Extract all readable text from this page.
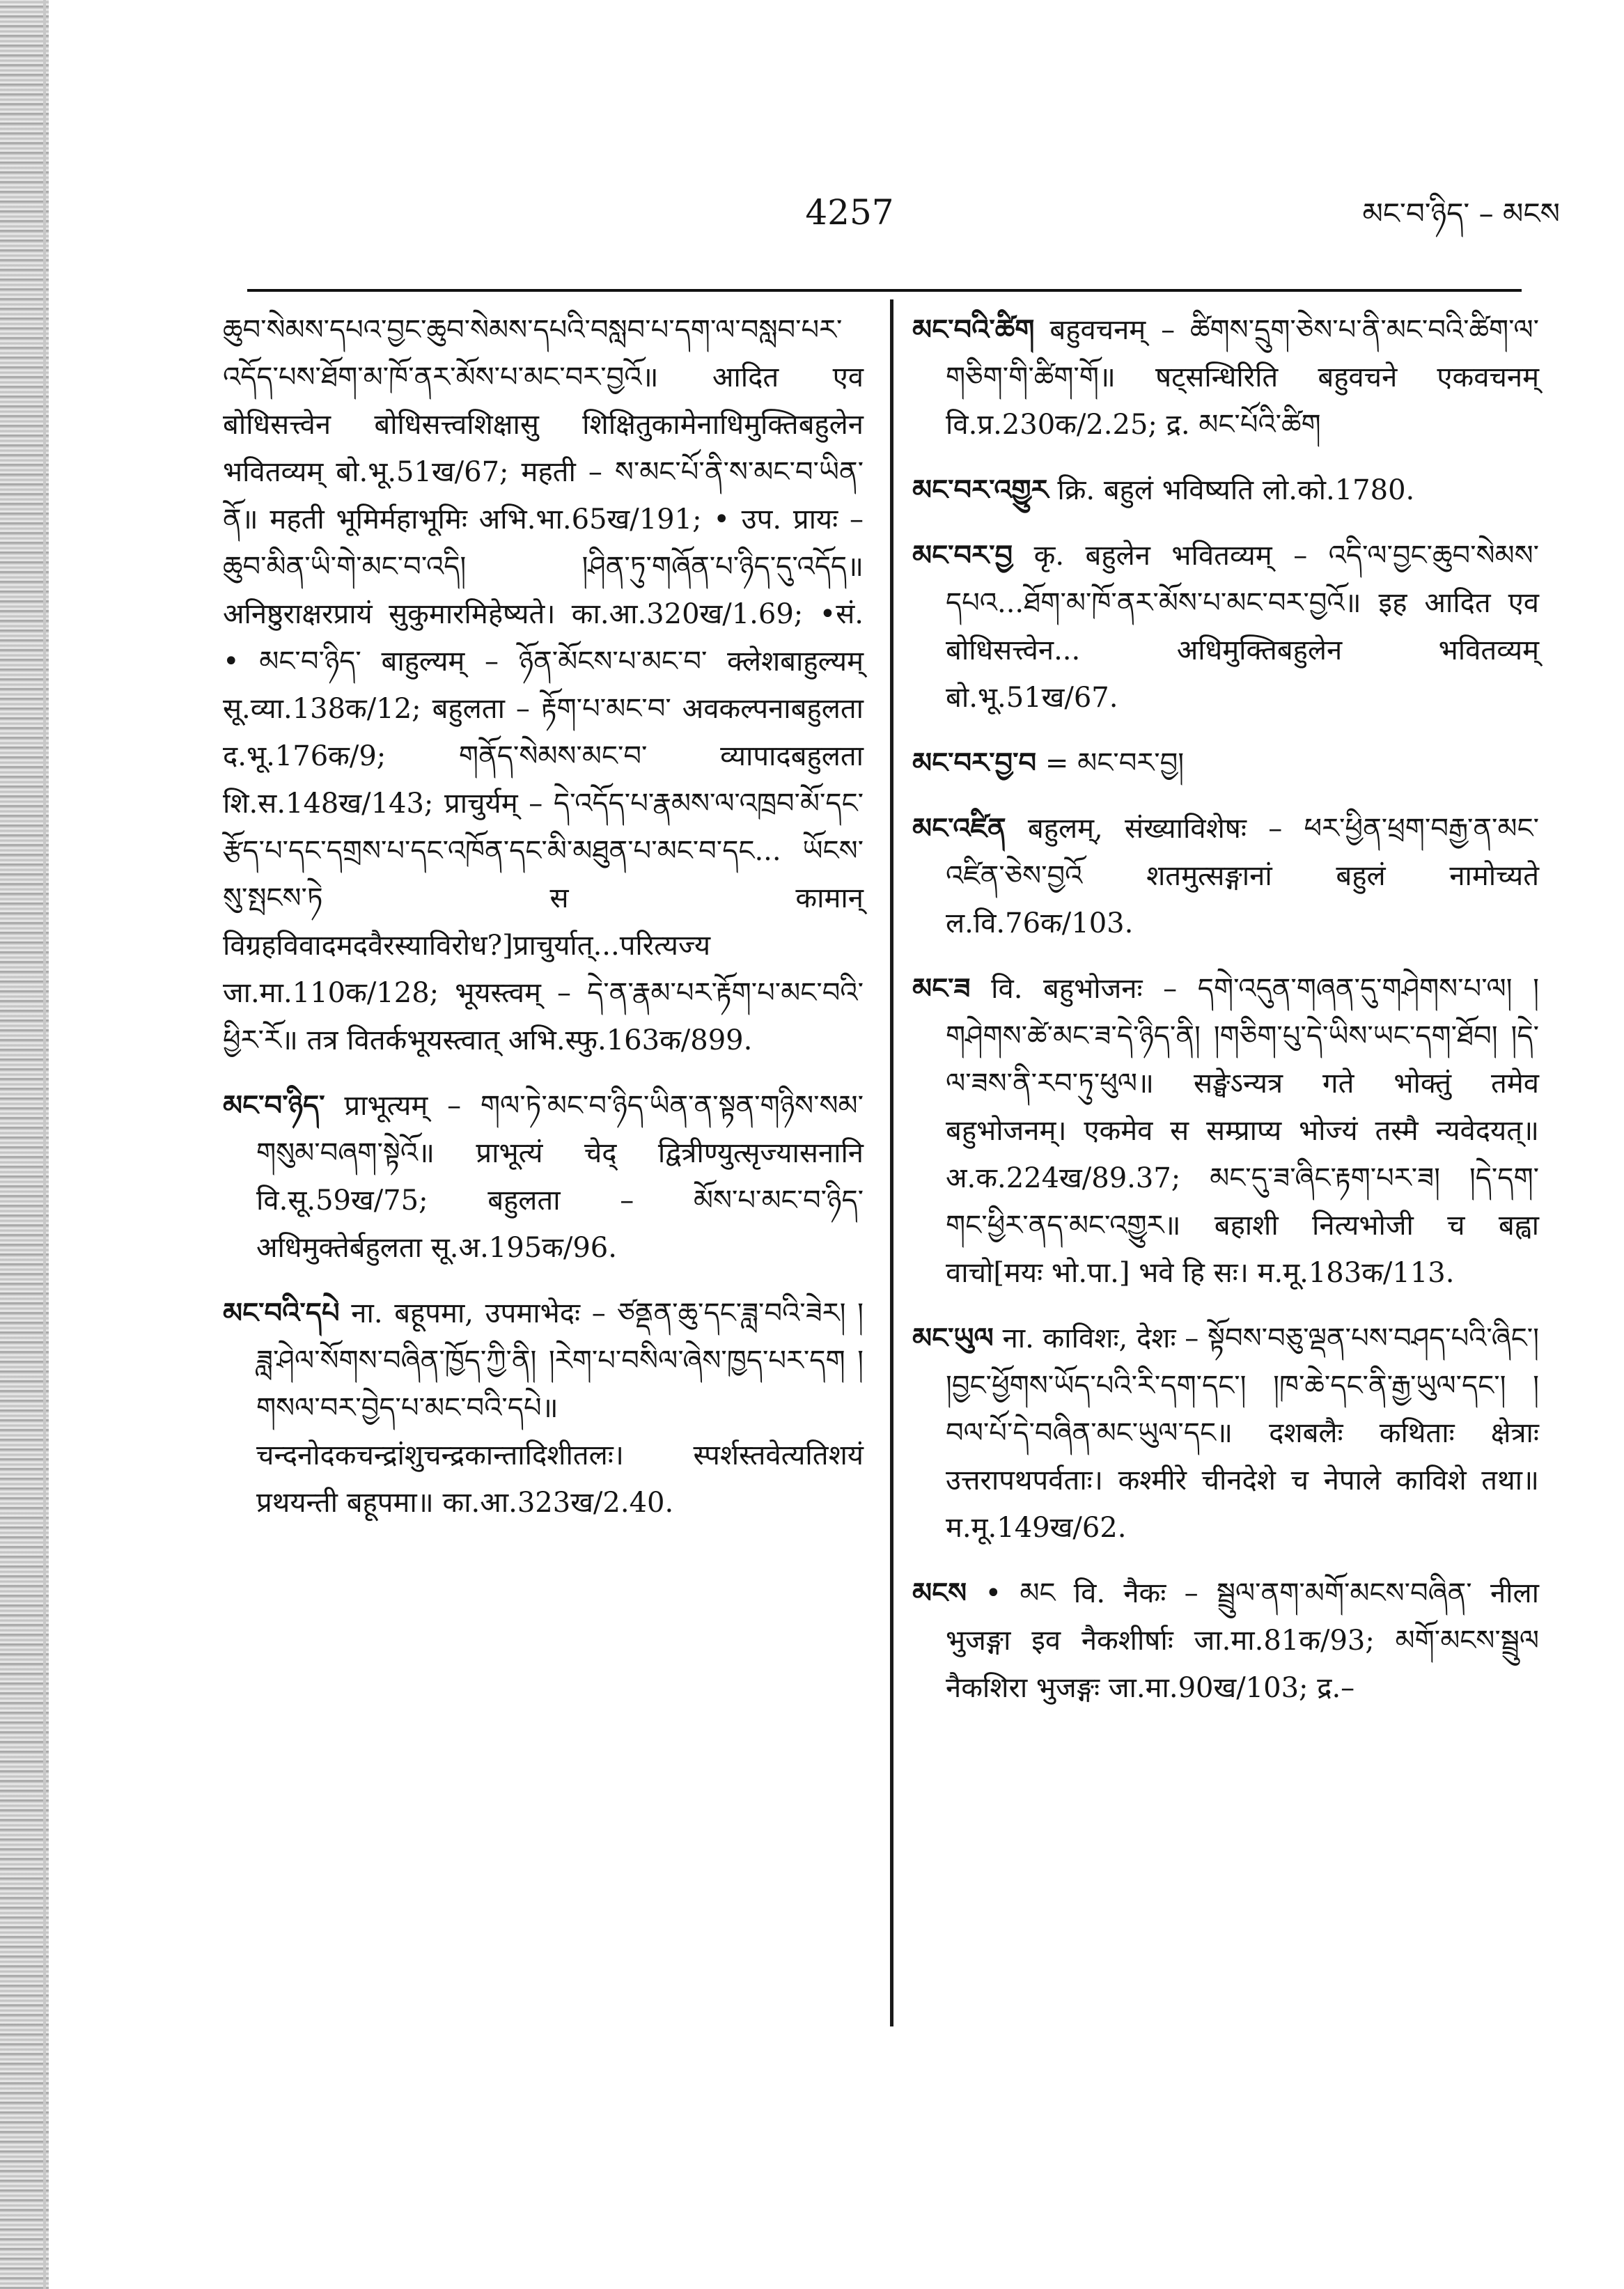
4257	མང་བ་ཉིད་ – མངས

ཆུབ་སེམས་དཔའ་བྱང་ཆུབ་སེམས་དཔའི་བསླབ་པ་དག་ལ་བསླབ་པར་འདོད་པས་ཐོག་མ་ཁོ་ནར་མོས་པ་མང་བར་བྱའོ॥ आदित एव बोधिसत्त्वेन बोधिसत्त्वशिक्षासु शिक्षितुकामेनाधिमुक्तिबहुलेन भवितव्यम् बो.भू.51ख/67; महती – ས་མང་པོ་ནི་ས་མང་བ་ཡིན་ནོ॥ महती भूमिर्महाभूमिः अभि.भा.65ख/191; • उप. प्रायः – ཆུབ་མིན་ཡི་གེ་མང་བ་འདི། །ཤིན་ཏུ་གཞོན་པ་ཉིད་དུ་འདོད॥ अनिष्ठुराक्षरप्रायं सुकुमारमिहेष्यते। का.आ.320ख/1.69; •सं. • མང་བ་ཉིད་ बाहुल्यम् – ཉོན་མོངས་པ་མང་བ་ क्लेशबाहुल्यम् सू.व्या.138क/12; बहुलता – རྟོག་པ་མང་བ་ अवकल्पनाबहुलता द.भू.176क/9; གནོད་སེམས་མང་བ་ व्यापादबहुलता शि.स.148ख/143; प्राचुर्यम् – དེ་འདོད་པ་རྣམས་ལ་འཁྲབ་མོ་དང་རྩོད་པ་དང་དགྲས་པ་དང་འཁོན་དང་མི་མཐུན་པ་མང་བ་དང... ཡོངས་སུ་སྤངས་ཏེ स कामान् विग्रहविवादमदवैरस्याविरोध?]प्राचुर्यात्...परित्यज्य जा.मा.110क/128; भूयस्त्वम् – དེ་ན་རྣམ་པར་རྟོག་པ་མང་བའི་ཕྱིར་རོ॥ तत्र वितर्कभूयस्त्वात् अभि.स्फु.163क/899.

མང་བ་ཉིད་ प्राभूत्यम् – གལ་ཏེ་མང་བ་ཉིད་ཡིན་ན་སྟན་གཉིས་སམ་གསུམ་བཞག་སྟེའོ॥ प्राभूत्यं चेद् द्वित्रीण्युत्सृज्यासनानि वि.सू.59ख/75; बहुलता – མོས་པ་མང་བ་ཉིད་ अधिमुक्तेर्बहुलता सू.अ.195क/96.

མང་བའི་དཔེ ना. बहूपमा, उपमाभेदः – ཙནྡན་ཆུ་དང་ཟླ་བའི་ཟེར། །ཟླ་ཤེལ་སོགས་བཞིན་ཁྱོད་ཀྱི་ནི། །རེག་པ་བསིལ་ཞེས་ཁྱད་པར་དག །གསལ་བར་བྱེད་པ་མང་བའི་དཔེ॥ चन्दनोदकचन्द्रांशुचन्द्रकान्तादिशीतलः। स्पर्शस्तवेत्यतिशयं प्रथयन्ती बहूपमा॥ का.आ.323ख/2.40.

མང་བའི་ཚིག बहुवचनम् – ཚིགས་དྲུག་ཅེས་པ་ནི་མང་བའི་ཚིག་ལ་གཅིག་གི་ཚིག་གོ॥ षट्सन्धिरिति बहुवचने एकवचनम् वि.प्र.230क/2.25; द्र. མང་པོའི་ཚིག

མང་བར་འགྱུར क्रि. बहुलं भविष्यति लो.को.1780.

མང་བར་བྱ कृ. बहुलेन भवितव्यम् – འདི་ལ་བྱང་ཆུབ་སེམས་དཔའ...ཐོག་མ་ཁོ་ནར་མོས་པ་མང་བར་བྱའོ॥ इह आदित एव बोधिसत्त्वेन... अधिमुक्तिबहुलेन भवितव्यम् बो.भू.51ख/67.

མང་བར་བྱ་བ = མང་བར་བྱ།

མང་འཛིན बहुलम्, संख्याविशेषः – ཕར་ཕྱིན་ཕྲག་བརྒྱ་ན་མང་འཛིན་ཅེས་བྱའོ शतमुत्सङ्गानां बहुलं नामोच्यते ल.वि.76क/103.

མང་ཟ वि. बहुभोजनः – དགེ་འདུན་གཞན་དུ་གཤེགས་པ་ལ། །གཤེགས་ཚེ་མང་ཟ་དེ་ཉིད་ནི། །གཅིག་པུ་དེ་ཡིས་ཡང་དག་ཐོབ། །དེ་ལ་ཟས་ནི་རབ་ཏུ་ཕུལ॥ सङ्घेऽन्यत्र गते भोक्तुं तमेव बहुभोजनम्। एकमेव स सम्प्राप्य भोज्यं तस्मै न्यवेदयत्॥ अ.क.224ख/89.37; མང་དུ་ཟ་ཞིང་རྟག་པར་ཟ། །དེ་དག་གང་ཕྱིར་ནད་མང་འགྱུར॥ बहाशी नित्यभोजी च बह्वा वाचो[मयः भो.पा.] भवे हि सः। म.मू.183क/113.

མང་ཡུལ ना. काविशः, देशः – སྟོབས་བཅུ་ལྡན་པས་བཤད་པའི་ཞིང་། །བྱང་ཕྱོགས་ཡོད་པའི་རི་དག་དང་། །ཁ་ཆེ་དང་ནི་རྒྱ་ཡུལ་དང་། །བལ་པོ་དེ་བཞིན་མང་ཡུལ་དང॥ दशबलैः कथिताः क्षेत्राः उत्तरापथपर्वताः। कश्मीरे चीनदेशे च नेपाले काविशे तथा॥ म.मू.149ख/62.

མངས • མང वि. नैकः – སྦྲུལ་ནག་མགོ་མངས་བཞིན་ नीला भुजङ्गा इव नैकशीर्षाः जा.मा.81क/93; མགོ་མངས་སྦྲུལ नैकशिरा भुजङ्गः जा.मा.90ख/103; द्र.–
